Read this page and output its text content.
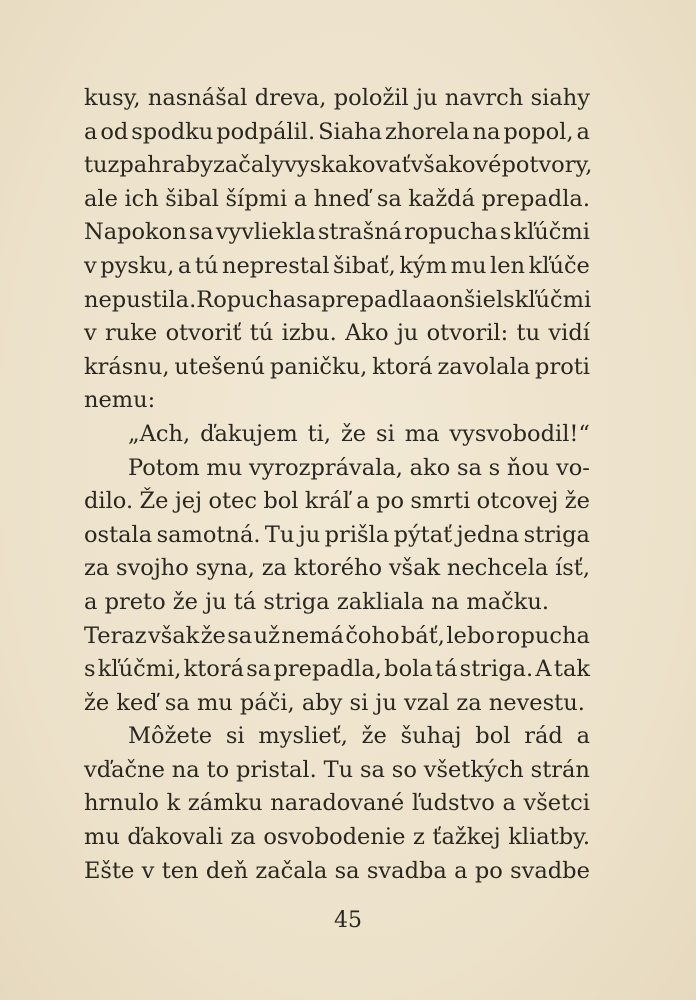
kusy, nasnášal dreva, položil ju navrch siahy
a od spodku podpálil. Siaha zhorela na popol, a
tu zpahraby začaly vyskakovať všakové potvory,
ale ich šibal šípmi a hneď sa každá prepadla.
Napokon sa vyvliekla strašná ropucha s kľúčmi
v pysku, a tú neprestal šibať, kým mu len kľúče
nepustila. Ropucha sa prepadla a on šiel s kľúčmi
v ruke otvoriť tú izbu. Ako ju otvoril: tu vidí
krásnu, utešenú paničku, ktorá zavolala proti
nemu:
„Ach, ďakujem ti, že si ma vysvobodil!“
Potom mu vyrozprávala, ako sa s ňou vo-
dilo. Že jej otec bol kráľ a po smrti otcovej že
ostala samotná. Tu ju prišla pýtať jedna striga
za svojho syna, za ktorého však nechcela ísť,
a preto že ju tá striga zakliala na mačku.
Teraz však že sa už nemá čoho báť, lebo ropucha
s kľúčmi, ktorá sa prepadla, bola tá striga. A tak
že keď sa mu páči, aby si ju vzal za nevestu.
Môžete si myslieť, že šuhaj bol rád a
vďačne na to pristal. Tu sa so všetkých strán
hrnulo k zámku naradované ľudstvo a všetci
mu ďakovali za osvobodenie z ťažkej kliatby.
Ešte v ten deň začala sa svadba a po svadbe
45
